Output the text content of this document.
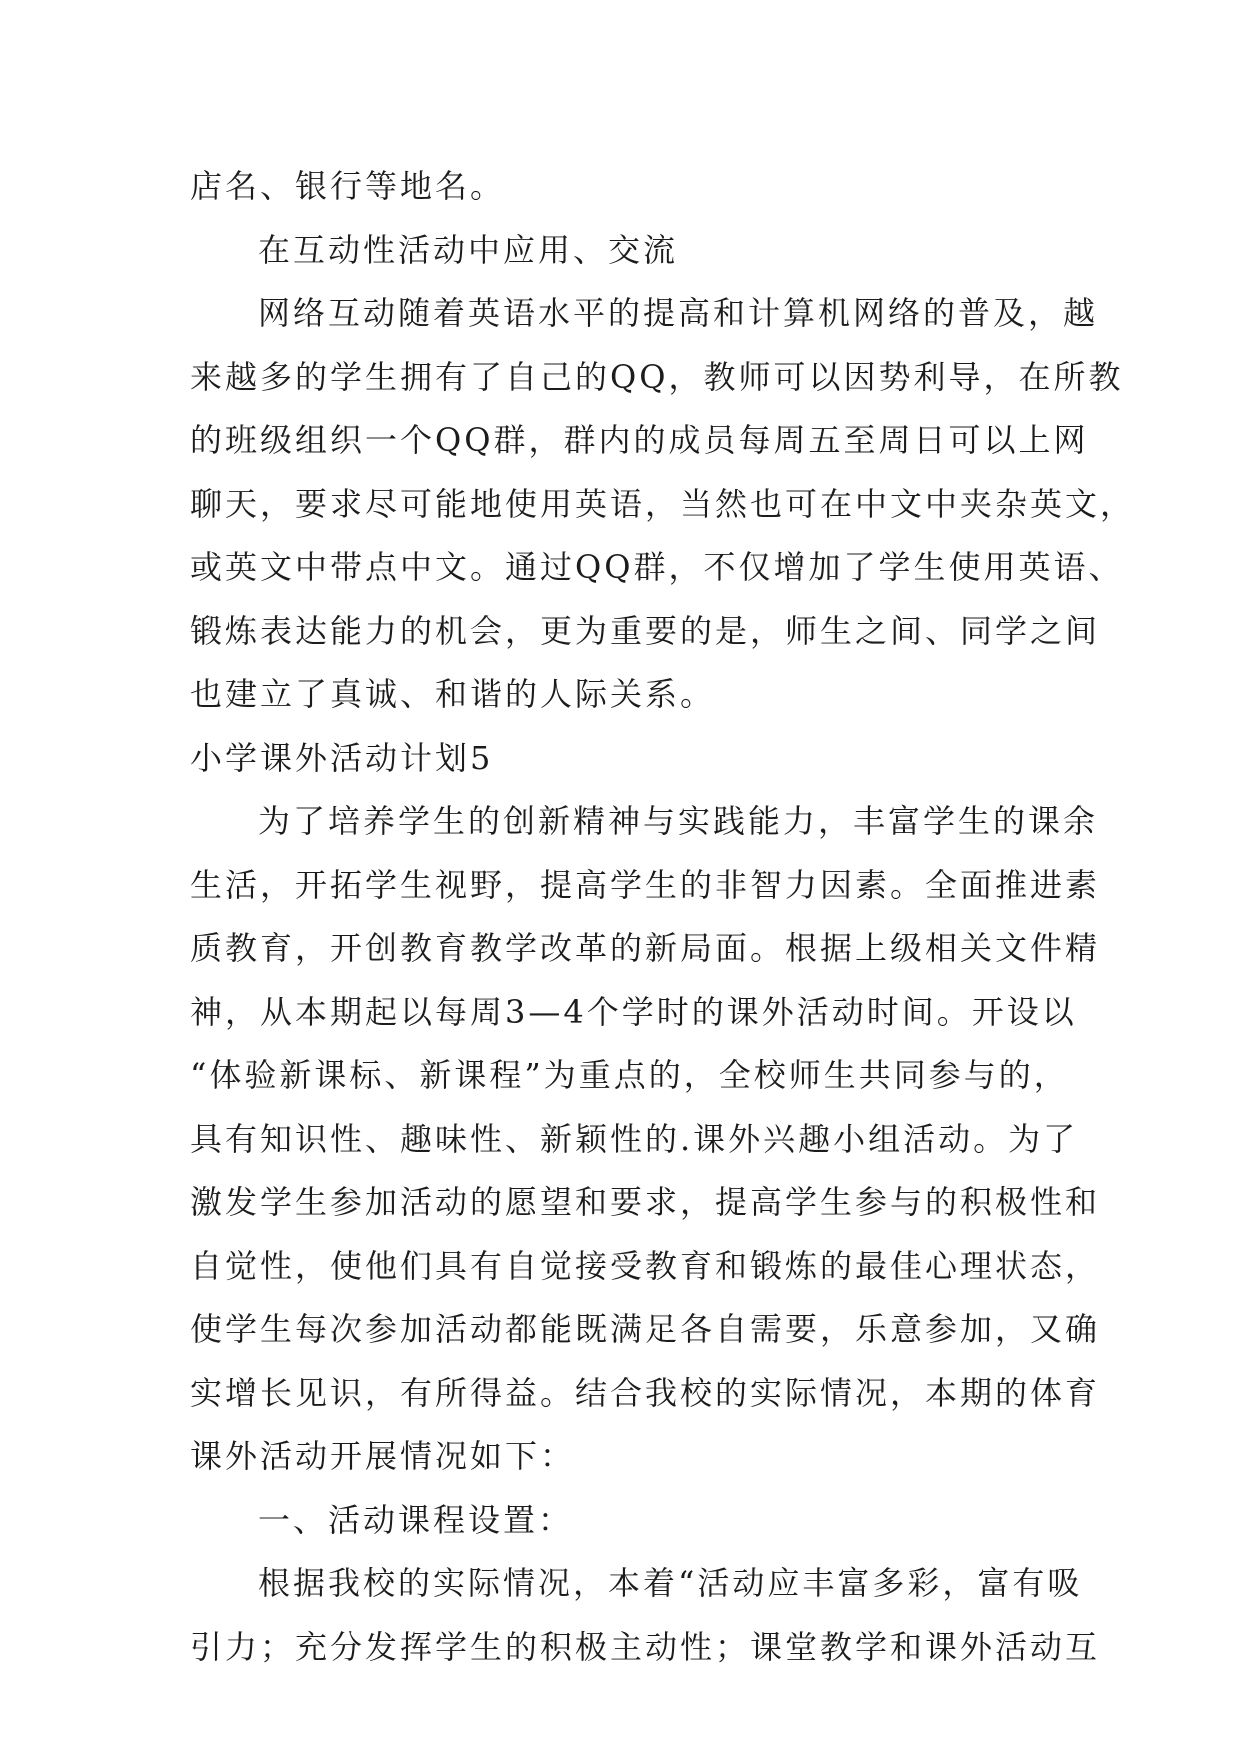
店名、银行等地名。
在互动性活动中应用、交流
网络互动随着英语水平的提高和计算机网络的普及，越
来越多的学生拥有了自己的QQ，教师可以因势利导，在所教
的班级组织一个QQ群，群内的成员每周五至周日可以上网
聊天，要求尽可能地使用英语，当然也可在中文中夹杂英文，
或英文中带点中文。通过QQ群，不仅增加了学生使用英语、
锻炼表达能力的机会，更为重要的是，师生之间、同学之间
也建立了真诚、和谐的人际关系。
小学课外活动计划5
为了培养学生的创新精神与实践能力，丰富学生的课余
生活，开拓学生视野，提高学生的非智力因素。全面推进素
质教育，开创教育教学改革的新局面。根据上级相关文件精
神，从本期起以每周3—4个学时的课外活动时间。开设以
“体验新课标、新课程”为重点的，全校师生共同参与的，
具有知识性、趣味性、新颖性的.课外兴趣小组活动。为了
激发学生参加活动的愿望和要求，提高学生参与的积极性和
自觉性，使他们具有自觉接受教育和锻炼的最佳心理状态，
使学生每次参加活动都能既满足各自需要，乐意参加，又确
实增长见识，有所得益。结合我校的实际情况，本期的体育
课外活动开展情况如下：
一、活动课程设置：
根据我校的实际情况，本着“活动应丰富多彩，富有吸
引力；充分发挥学生的积极主动性；课堂教学和课外活动互
